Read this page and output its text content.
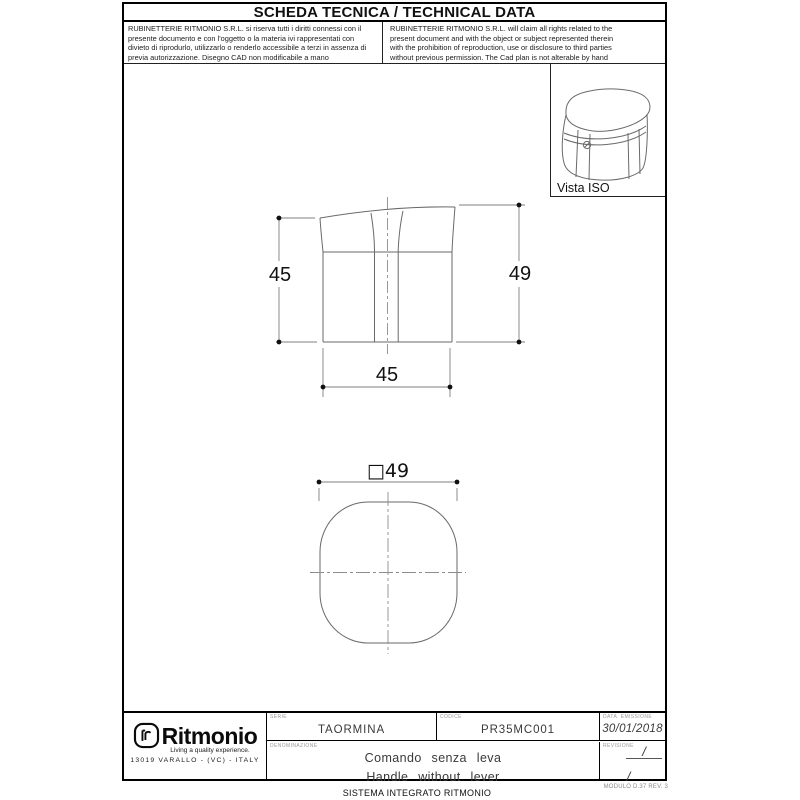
SCHEDA TECNICA / TECHNICAL DATA
RUBINETTERIE RITMONIO S.R.L. si riserva tutti i diritti connessi con il presente documento e con l'oggetto o la materia ivi rappresentati con divieto di riprodurlo, utilizzarlo o renderlo accessibile a terzi in assenza di previa autorizzazione. Disegno CAD non modificabile a mano
RUBINETTERIE RITMONIO S.R.L. will claim all rights related to the present document and with the object or subject represented therein with the prohibition of reproduction, use or disclosure to third parties without previous permission. The Cad plan is not alterable by hand
45	49
45
□49
Vista ISO
Ritmonio
Living a quality experience.
13019 VARALLO - (VC) - ITALY
SERIE
TAORMINA
CODICE
PR35MC001
DATA EMISSIONE
30/01/2018
DENOMINAZIONE
Comando senza leva
Handle without lever
REVISIONE /
/
SISTEMA INTEGRATO RITMONIO
MODULO D.37 REV. 3
